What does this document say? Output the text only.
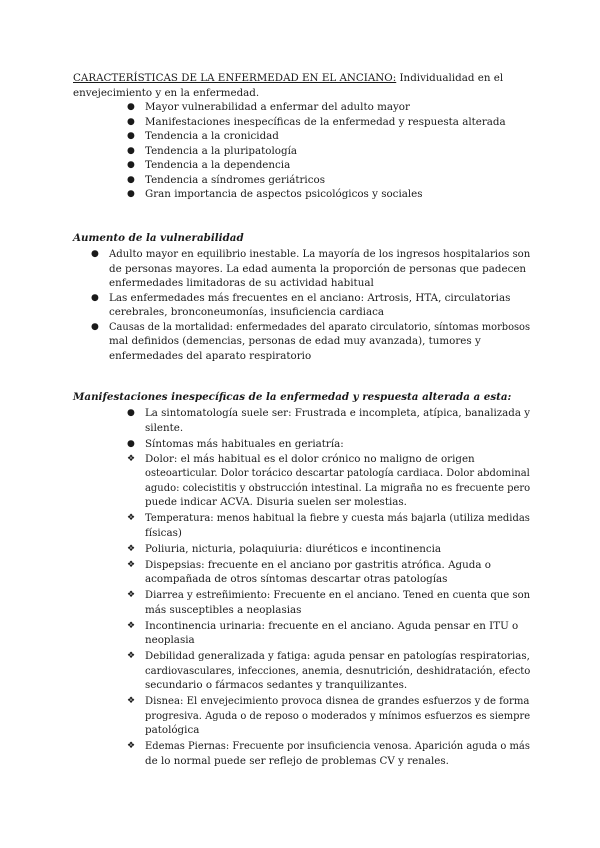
CARACTERÍSTICAS DE LA ENFERMEDAD EN EL ANCIANO: Individualidad en el
envejecimiento y en la enfermedad.
● Mayor vulnerabilidad a enfermar del adulto mayor
● Manifestaciones inespecíficas de la enfermedad y respuesta alterada
● Tendencia a la cronicidad
● Tendencia a la pluripatología
● Tendencia a la dependencia
● Tendencia a síndromes geriátricos
● Gran importancia de aspectos psicológicos y sociales
Aumento de la vulnerabilidad
● Adulto mayor en equilibrio inestable. La mayoría de los ingresos hospitalarios son
de personas mayores. La edad aumenta la proporción de personas que padecen
enfermedades limitadoras de su actividad habitual
● Las enfermedades más frecuentes en el anciano: Artrosis, HTA, circulatorias
cerebrales, bronconeumonías, insuficiencia cardiaca
● Causas de la mortalidad: enfermedades del aparato circulatorio, síntomas morbosos
mal definidos (demencias, personas de edad muy avanzada), tumores y
enfermedades del aparato respiratorio
Manifestaciones inespecíficas de la enfermedad y respuesta alterada a esta:
● La sintomatología suele ser: Frustrada e incompleta, atípica, banalizada y
silente.
● Síntomas más habituales en geriatría:
❖ Dolor: el más habitual es el dolor crónico no maligno de origen
osteoarticular. Dolor torácico descartar patología cardiaca. Dolor abdominal
agudo: colecistitis y obstrucción intestinal. La migraña no es frecuente pero
puede indicar ACVA. Disuria suelen ser molestias.
❖ Temperatura: menos habitual la fiebre y cuesta más bajarla (utiliza medidas
físicas)
❖ Poliuria, nicturia, polaquiuria: diuréticos e incontinencia
❖ Dispepsias: frecuente en el anciano por gastritis atrófica. Aguda o
acompañada de otros síntomas descartar otras patologías
❖ Diarrea y estreñimiento: Frecuente en el anciano. Tened en cuenta que son
más susceptibles a neoplasias
❖ Incontinencia urinaria: frecuente en el anciano. Aguda pensar en ITU o
neoplasia
❖ Debilidad generalizada y fatiga: aguda pensar en patologías respiratorias,
cardiovasculares, infecciones, anemia, desnutrición, deshidratación, efecto
secundario o fármacos sedantes y tranquilizantes.
❖ Disnea: El envejecimiento provoca disnea de grandes esfuerzos y de forma
progresiva. Aguda o de reposo o moderados y mínimos esfuerzos es siempre
patológica
❖ Edemas Piernas: Frecuente por insuficiencia venosa. Aparición aguda o más
de lo normal puede ser reflejo de problemas CV y renales.
